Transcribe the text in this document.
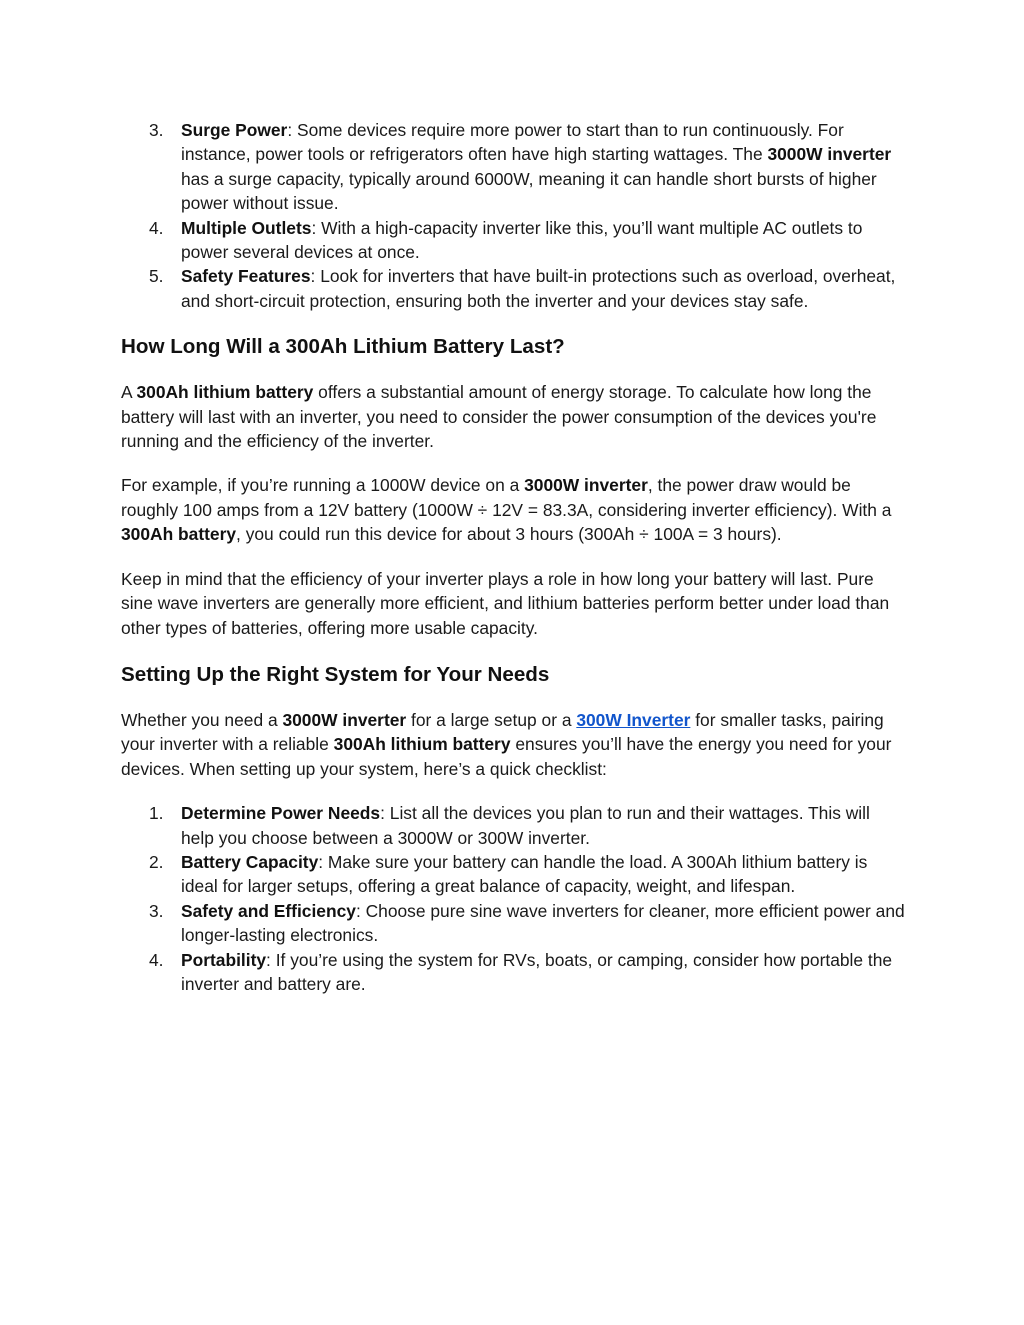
3. Surge Power: Some devices require more power to start than to run continuously. For instance, power tools or refrigerators often have high starting wattages. The 3000W inverter has a surge capacity, typically around 6000W, meaning it can handle short bursts of higher power without issue.
4. Multiple Outlets: With a high-capacity inverter like this, you’ll want multiple AC outlets to power several devices at once.
5. Safety Features: Look for inverters that have built-in protections such as overload, overheat, and short-circuit protection, ensuring both the inverter and your devices stay safe.
How Long Will a 300Ah Lithium Battery Last?

A 300Ah lithium battery offers a substantial amount of energy storage. To calculate how long the battery will last with an inverter, you need to consider the power consumption of the devices you're running and the efficiency of the inverter.

For example, if you’re running a 1000W device on a 3000W inverter, the power draw would be roughly 100 amps from a 12V battery (1000W ÷ 12V = 83.3A, considering inverter efficiency). With a 300Ah battery, you could run this device for about 3 hours (300Ah ÷ 100A = 3 hours).

Keep in mind that the efficiency of your inverter plays a role in how long your battery will last. Pure sine wave inverters are generally more efficient, and lithium batteries perform better under load than other types of batteries, offering more usable capacity.

Setting Up the Right System for Your Needs

Whether you need a 3000W inverter for a large setup or a 300W Inverter for smaller tasks, pairing your inverter with a reliable 300Ah lithium battery ensures you’ll have the energy you need for your devices. When setting up your system, here’s a quick checklist:

1. Determine Power Needs: List all the devices you plan to run and their wattages. This will help you choose between a 3000W or 300W inverter.
2. Battery Capacity: Make sure your battery can handle the load. A 300Ah lithium battery is ideal for larger setups, offering a great balance of capacity, weight, and lifespan.
3. Safety and Efficiency: Choose pure sine wave inverters for cleaner, more efficient power and longer-lasting electronics.
4. Portability: If you’re using the system for RVs, boats, or camping, consider how portable the inverter and battery are.
